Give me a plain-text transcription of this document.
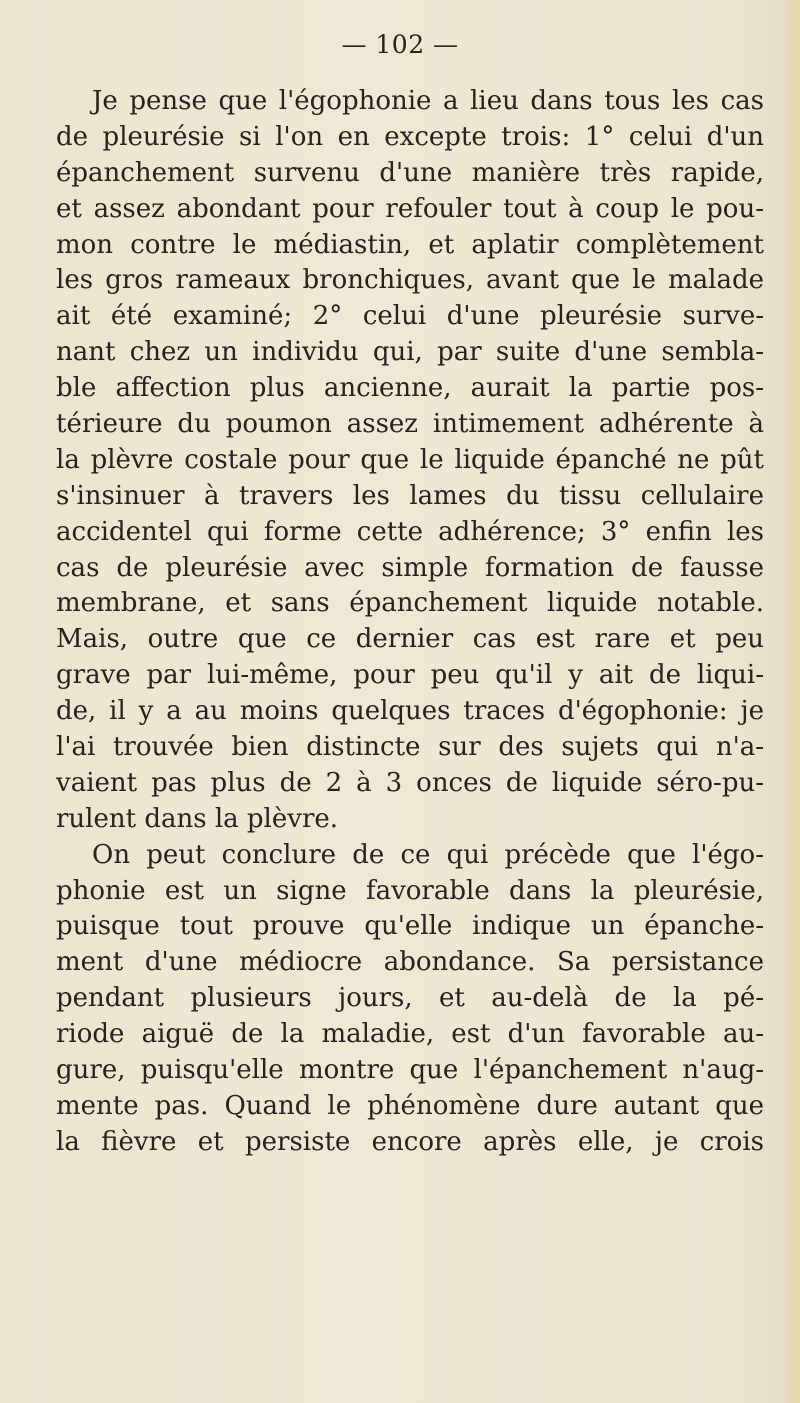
— 102 —
Je pense que l'égophonie a lieu dans tous les cas
de pleurésie si l'on en excepte trois: 1° celui d'un
épanchement survenu d'une manière très rapide,
et assez abondant pour refouler tout à coup le pou-
mon contre le médiastin, et aplatir complètement
les gros rameaux bronchiques, avant que le malade
ait été examiné; 2° celui d'une pleurésie surve-
nant chez un individu qui, par suite d'une sembla-
ble affection plus ancienne, aurait la partie pos-
térieure du poumon assez intimement adhérente à
la plèvre costale pour que le liquide épanché ne pût
s'insinuer à travers les lames du tissu cellulaire
accidentel qui forme cette adhérence; 3° enfin les
cas de pleurésie avec simple formation de fausse
membrane, et sans épanchement liquide notable.
Mais, outre que ce dernier cas est rare et peu
grave par lui-même, pour peu qu'il y ait de liqui-
de, il y a au moins quelques traces d'égophonie: je
l'ai trouvée bien distincte sur des sujets qui n'a-
vaient pas plus de 2 à 3 onces de liquide séro-pu-
rulent dans la plèvre.
On peut conclure de ce qui précède que l'égo-
phonie est un signe favorable dans la pleurésie,
puisque tout prouve qu'elle indique un épanche-
ment d'une médiocre abondance. Sa persistance
pendant plusieurs jours, et au-delà de la pé-
riode aiguë de la maladie, est d'un favorable au-
gure, puisqu'elle montre que l'épanchement n'aug-
mente pas. Quand le phénomène dure autant que
la fièvre et persiste encore après elle, je crois
